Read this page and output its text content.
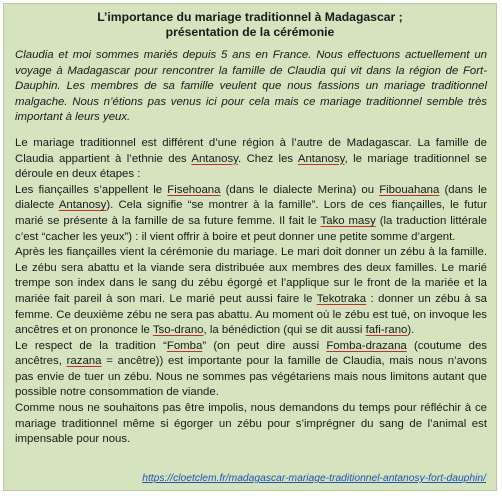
L’importance du mariage traditionnel à Madagascar ;
présentation de la cérémonie

Claudia et moi sommes mariés depuis 5 ans en France. Nous effectuons actuellement un voyage à Madagascar pour rencontrer la famille de Claudia qui vit dans la région de Fort-Dauphin. Les membres de sa famille veulent que nous fassions un mariage traditionnel malgache. Nous n’étions pas venus ici pour cela mais ce mariage traditionnel semble très important à leurs yeux.

Le mariage traditionnel est différent d’une région à l’autre de Madagascar. La famille de Claudia appartient à l’ethnie des Antanosy. Chez les Antanosy, le mariage traditionnel se déroule en deux étapes :

Les fiançailles s’appellent le Fisehoana (dans le dialecte Merina) ou Fibouahana (dans le dialecte Antanosy). Cela signifie “se montrer à la famille”. Lors de ces fiançailles, le futur marié se présente à la famille de sa future femme. Il fait le Tako masy (la traduction littérale c’est “cacher les yeux”) : il vient offrir à boire et peut donner une petite somme d’argent.

Après les fiançailles vient la cérémonie du mariage. Le mari doit donner un zébu à la famille. Le zébu sera abattu et la viande sera distribuée aux membres des deux familles. Le marié trempe son index dans le sang du zébu égorgé et l’applique sur le front de la mariée et la mariée fait pareil à son mari. Le marié peut aussi faire le Tekotraka : donner un zébu à sa femme. Ce deuxième zébu ne sera pas abattu. Au moment où le zébu est tué, on invoque les ancêtres et on prononce le Tso-drano, la bénédiction (qui se dit aussi fafi-rano).

Le respect de la tradition “Fomba” (on peut dire aussi Fomba-drazana (coutume des ancêtres, razana = ancêtre)) est importante pour la famille de Claudia, mais nous n’avons pas envie de tuer un zébu. Nous ne sommes pas végétariens mais nous limitons autant que possible notre consommation de viande.

Comme nous ne souhaitons pas être impolis, nous demandons du temps pour réfléchir à ce mariage traditionnel même si égorger un zébu pour s’imprégner du sang de l’animal est impensable pour nous.

https://cloetclem.fr/madagascar-mariage-traditionnel-antanosy-fort-dauphin/
